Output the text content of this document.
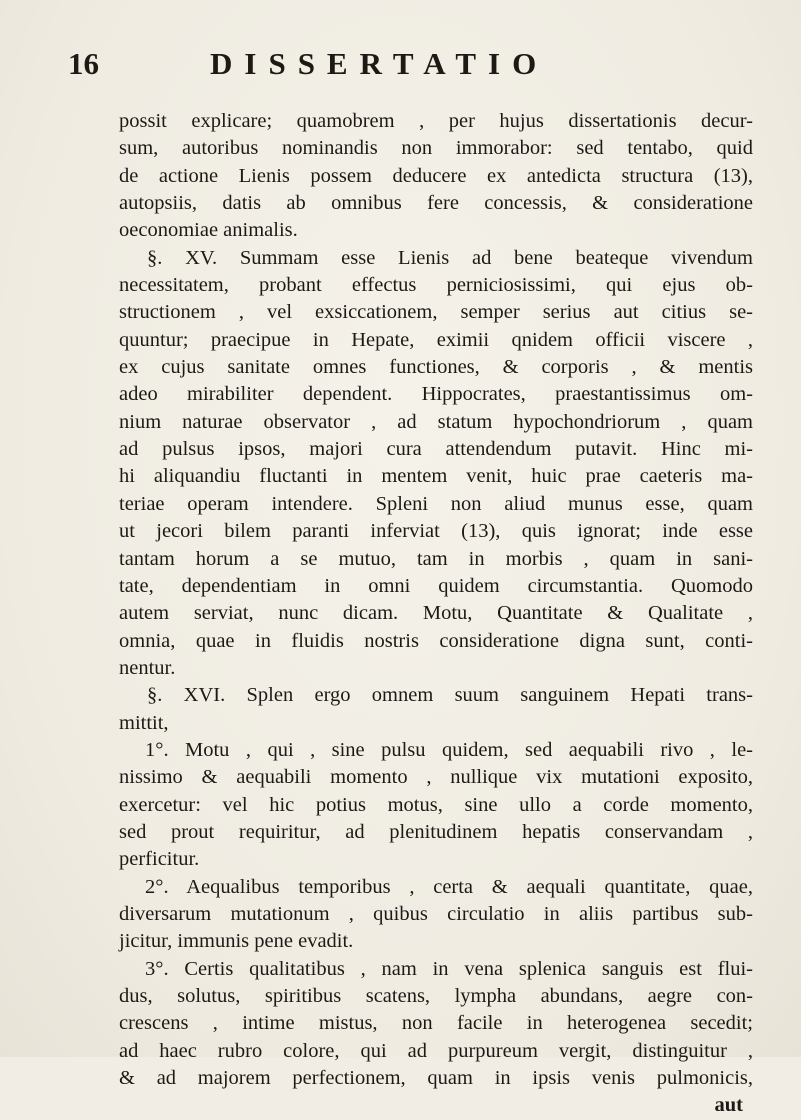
16	DISSERTATIO
possit explicare; quamobrem , per hujus dissertationis decur-
sum, autoribus nominandis non immorabor: sed tentabo, quid
de actione Lienis possem deducere ex antedicta structura (13),
autopsiis, datis ab omnibus fere concessis, & consideratione
oeconomiae animalis.
§. XV. Summam esse Lienis ad bene beateque vivendum
necessitatem, probant effectus perniciosissimi, qui ejus ob-
structionem , vel exsiccationem, semper serius aut citius se-
quuntur; praecipue in Hepate, eximii qnidem officii viscere ,
ex cujus sanitate omnes functiones, & corporis , & mentis
adeo mirabiliter dependent. Hippocrates, praestantissimus om-
nium naturae observator , ad statum hypochondriorum , quam
ad pulsus ipsos, majori cura attendendum putavit. Hinc mi-
hi aliquandiu fluctanti in mentem venit, huic prae caeteris ma-
teriae operam intendere. Spleni non aliud munus esse, quam
ut jecori bilem paranti inferviat (13), quis ignorat; inde esse
tantam horum a se mutuo, tam in morbis , quam in sani-
tate, dependentiam in omni quidem circumstantia. Quomodo
autem serviat, nunc dicam. Motu, Quantitate & Qualitate ,
omnia, quae in fluidis nostris consideratione digna sunt, conti-
nentur.
§. XVI. Splen ergo omnem suum sanguinem Hepati trans-
mittit,
1°. Motu , qui , sine pulsu quidem, sed aequabili rivo , le-
nissimo & aequabili momento , nullique vix mutationi exposito,
exercetur: vel hic potius motus, sine ullo a corde momento,
sed prout requiritur, ad plenitudinem hepatis conservandam ,
perficitur.
2°. Aequalibus temporibus , certa & aequali quantitate, quae,
diversarum mutationum , quibus circulatio in aliis partibus sub-
jicitur, immunis pene evadit.
3°. Certis qualitatibus , nam in vena splenica sanguis est flui-
dus, solutus, spiritibus scatens, lympha abundans, aegre con-
crescens , intime mistus, non facile in heterogenea secedit;
ad haec rubro colore, qui ad purpureum vergit, distinguitur ,
& ad majorem perfectionem, quam in ipsis venis pulmonicis,
aut
